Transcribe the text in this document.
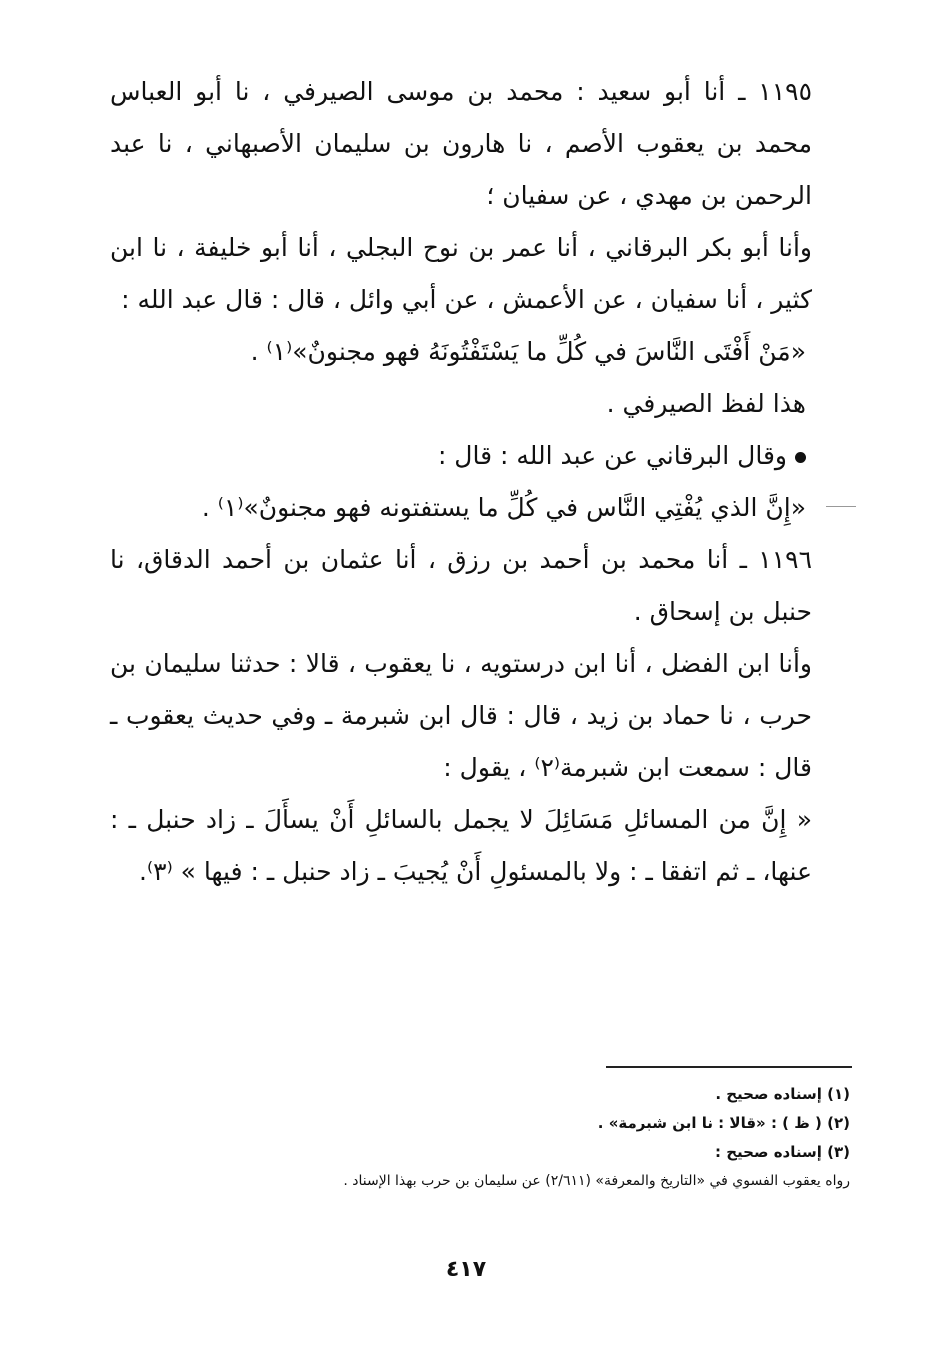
١١٩٥ ـ أنا أبو سعيد : محمد بن موسى الصيرفي ، نا أبو العباس محمد بن يعقوب الأصم ، نا هارون بن سليمان الأصبهاني ، نا عبد الرحمن بن مهدي ، عن سفيان ؛

وأنا أبو بكر البرقاني ، أنا عمر بن نوح البجلي ، أنا أبو خليفة ، نا ابن كثير ، أنا سفيان ، عن الأعمش ، عن أبي وائل ، قال : قال عبد الله :

«مَنْ أَفْتَى النَّاسَ في كُلِّ ما يَسْتَفْتُونَهُ فهو مجنونٌ»⁽١⁾ .

هذا لفظ الصيرفي .

وقال البرقاني عن عبد الله : قال :

«إِنَّ الذي يُفْتِي النَّاس في كُلِّ ما يستفتونه فهو مجنونٌ»⁽١⁾ .

١١٩٦ ـ أنا محمد بن أحمد بن رزق ، أنا عثمان بن أحمد الدقاق، نا حنبل بن إسحاق .

وأنا ابن الفضل ، أنا ابن درستويه ، نا يعقوب ، قالا : حدثنا سليمان بن حرب ، نا حماد بن زيد ، قال : قال ابن شبرمة ـ وفي حديث يعقوب ـ قال : سمعت ابن شبرمة⁽٢⁾ ، يقول :

« إِنَّ من المسائلِ مَسَائِلَ لا يجمل بالسائلِ أَنْ يسأَلَ ـ زاد حنبل ـ : عنها، ـ ثم اتفقا ـ : ولا بالمسئولِ أَنْ يُجيبَ ـ زاد حنبل ـ : فيها » ⁽٣⁾.

(١) إسناده صحيح .

(٢) ( ظ ) : «قالا : نا ابن شبرمة» .

(٣) إسناده صحيح :

رواه يعقوب الفسوي في «التاريخ والمعرفة» (٢/٦١١) عن سليمان بن حرب بهذا الإسناد .

٤١٧
